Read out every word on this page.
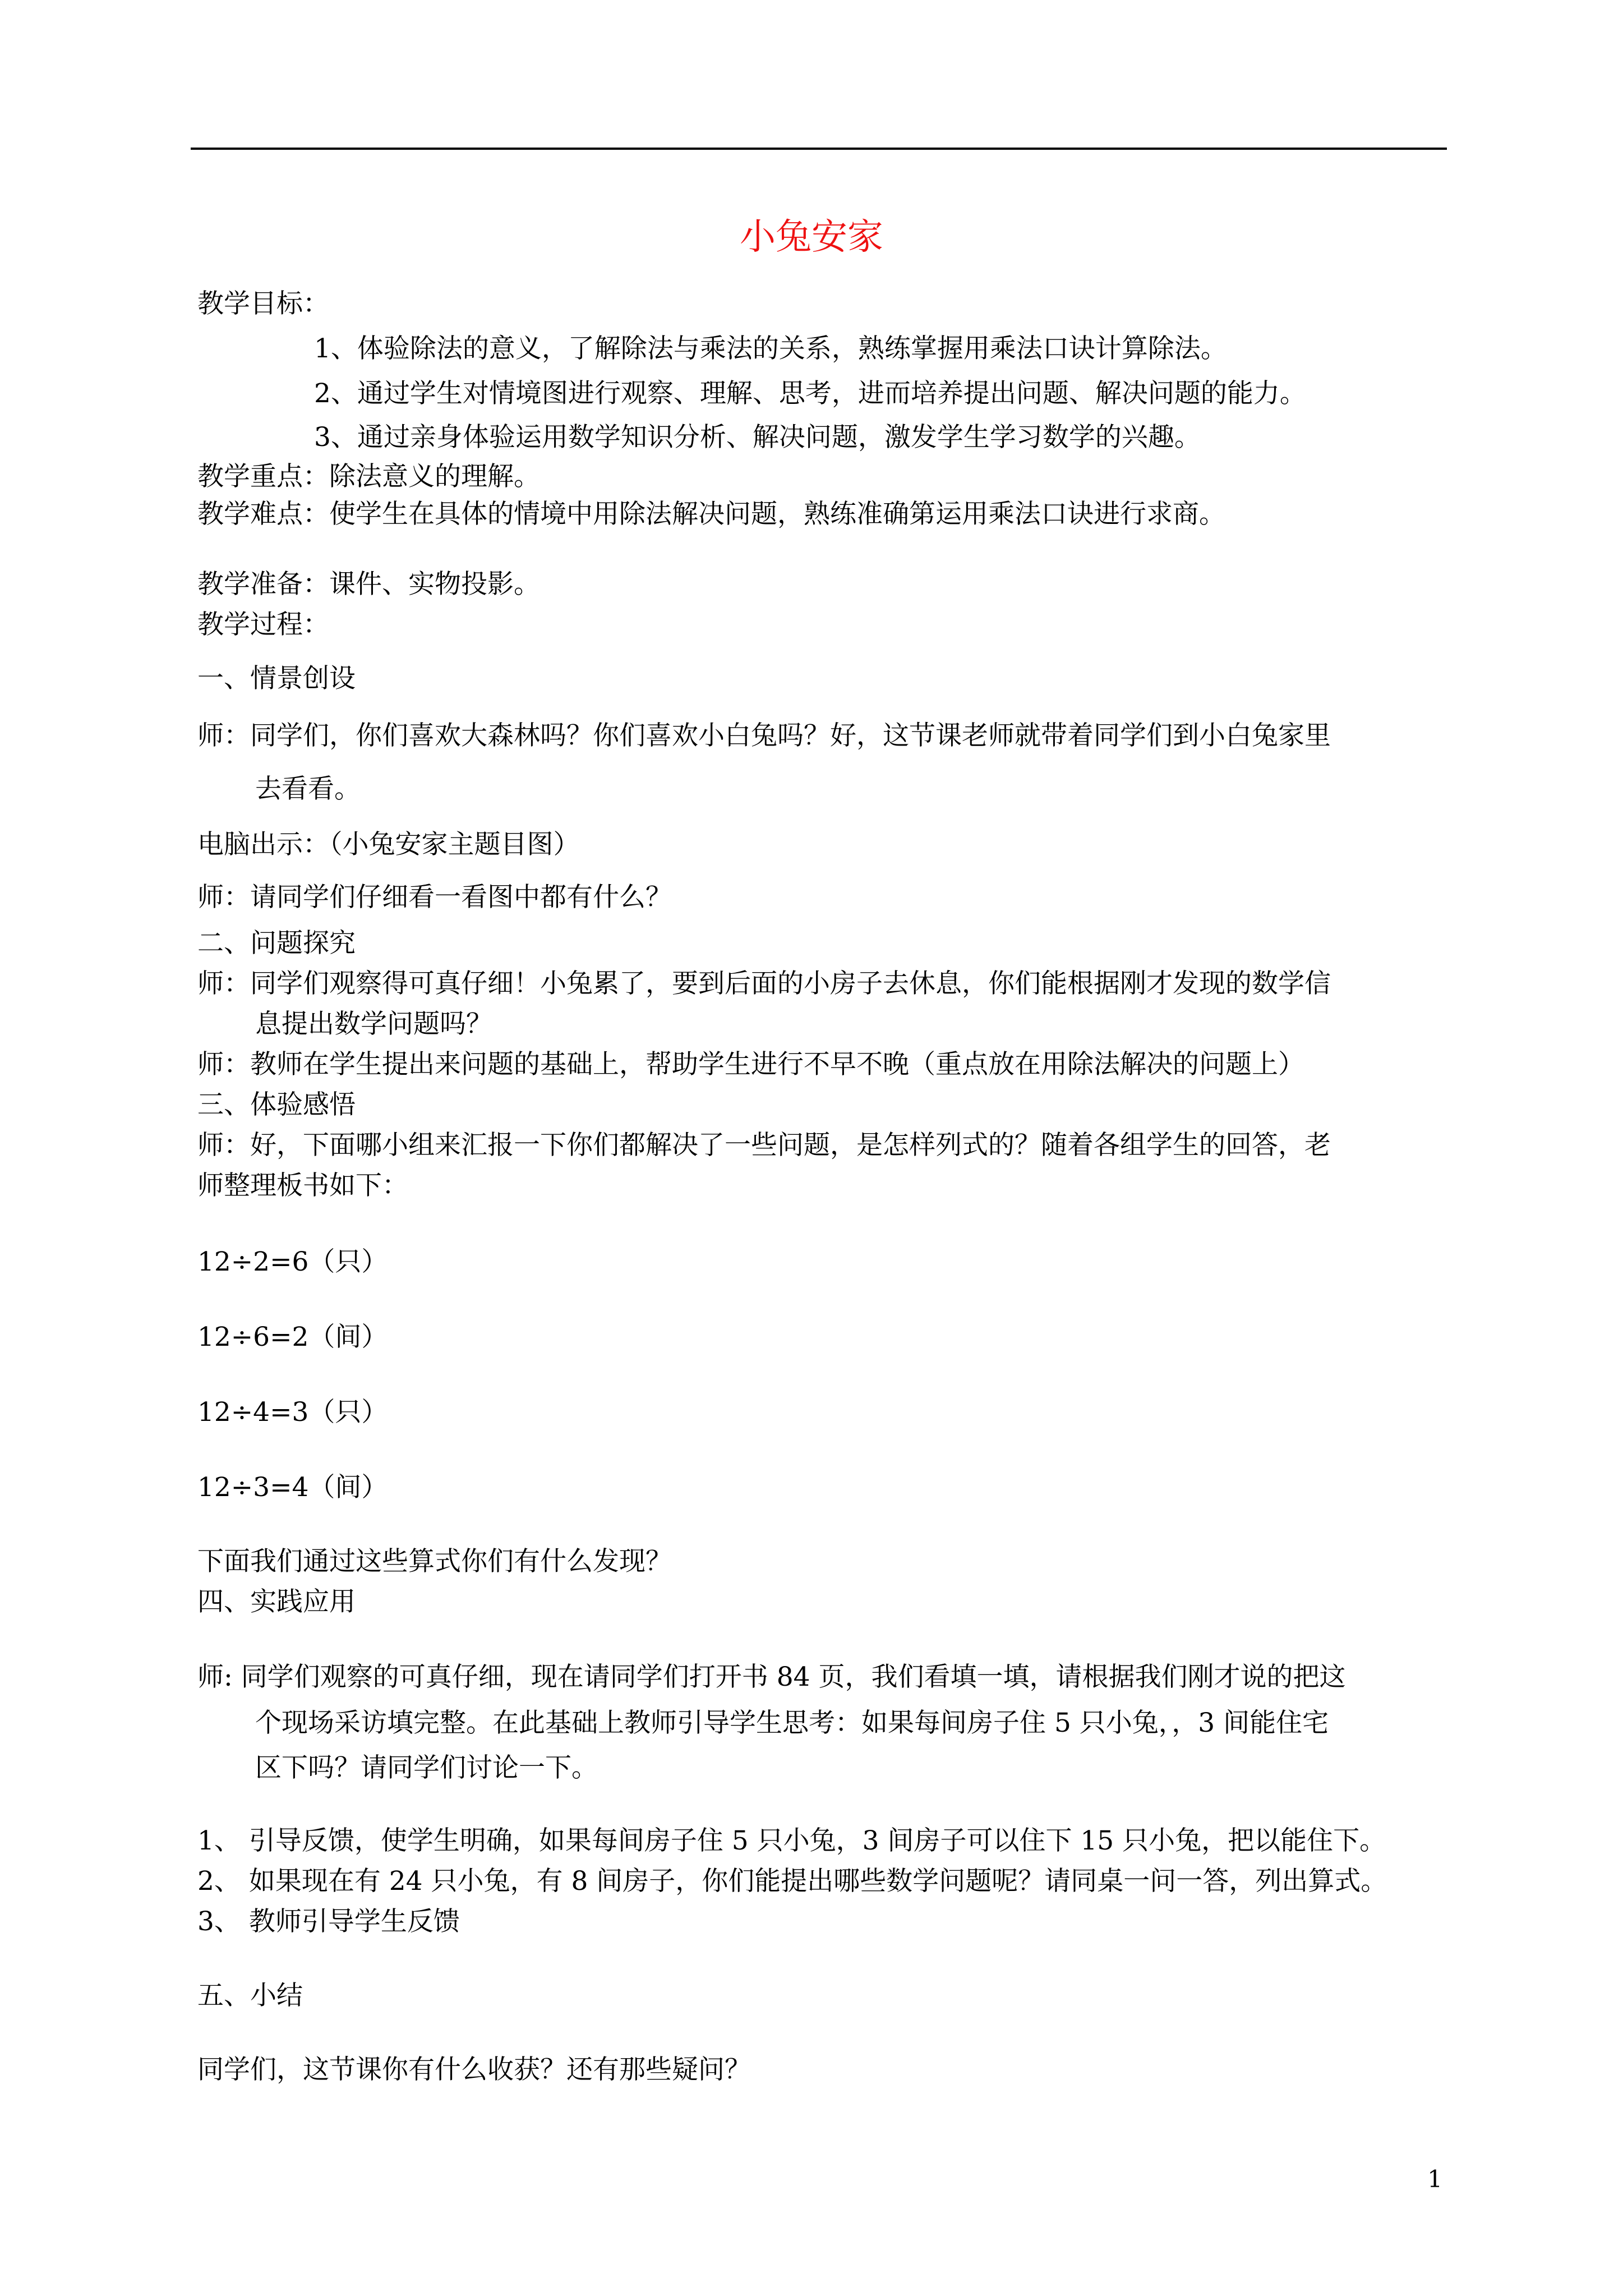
小兔安家
教学目标：
1、体验除法的意义，了解除法与乘法的关系，熟练掌握用乘法口诀计算除法。
2、通过学生对情境图进行观察、理解、思考，进而培养提出问题、解决问题的能力。
3、通过亲身体验运用数学知识分析、解决问题，激发学生学习数学的兴趣。
教学重点：除法意义的理解。
教学难点：使学生在具体的情境中用除法解决问题，熟练准确第运用乘法口诀进行求商。
教学准备：课件、实物投影。
教学过程：
一、情景创设
师：同学们，你们喜欢大森林吗？你们喜欢小白兔吗？好，这节课老师就带着同学们到小白兔家里
去看看。
电脑出示：（小兔安家主题目图）
师：请同学们仔细看一看图中都有什么？
二、问题探究
师：同学们观察得可真仔细！小兔累了，要到后面的小房子去休息，你们能根据刚才发现的数学信
息提出数学问题吗？
师：教师在学生提出来问题的基础上，帮助学生进行不早不晚（重点放在用除法解决的问题上）
三、体验感悟
师：好，下面哪小组来汇报一下你们都解决了一些问题，是怎样列式的？随着各组学生的回答，老
师整理板书如下：
12÷2=6（只）
12÷6=2（间）
12÷4=3（只）
12÷3=4（间）
下面我们通过这些算式你们有什么发现？
四、实践应用
师: 同学们观察的可真仔细，现在请同学们打开书 84 页，我们看填一填，请根据我们刚才说的把这
个现场采访填完整。在此基础上教师引导学生思考：如果每间房子住 5 只小兔，，3 间能住宅
区下吗？请同学们讨论一下。
1、 引导反馈，使学生明确，如果每间房子住 5 只小兔，3 间房子可以住下 15 只小兔，把以能住下。
2、 如果现在有 24 只小兔，有 8 间房子，你们能提出哪些数学问题呢？请同桌一问一答，列出算式。
3、 教师引导学生反馈
五、小结
同学们，这节课你有什么收获？还有那些疑问？
1
